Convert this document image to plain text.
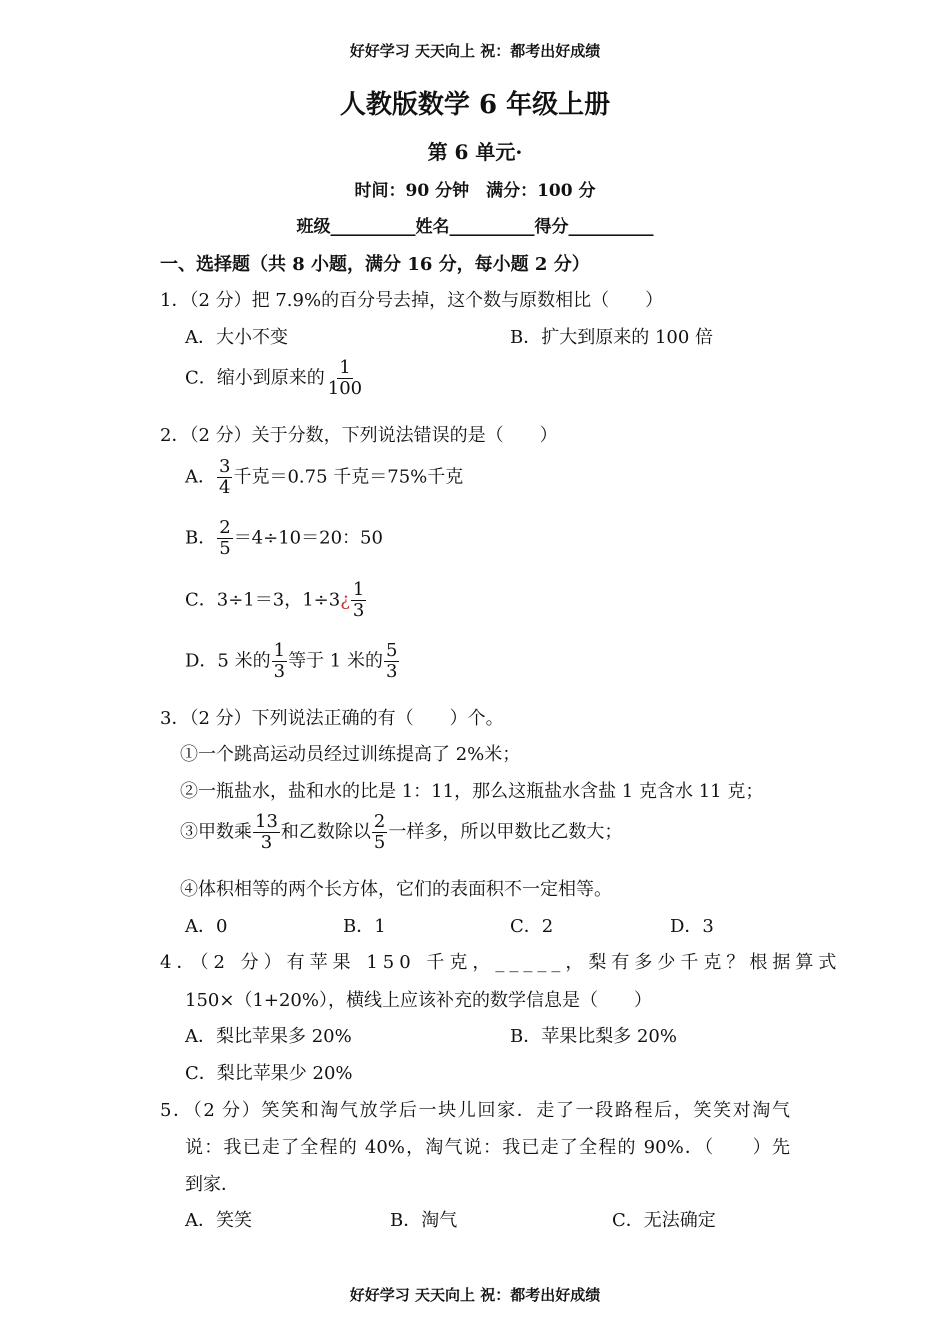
好好学习 天天向上 祝：都考出好成绩
人教版数学 6 年级上册
第 6 单元·
时间：90 分钟　满分：100 分
班级__________姓名__________得分__________
一、选择题（共 8 小题，满分 16 分，每小题 2 分）
1．（2 分）把 7.9%的百分号去掉，这个数与原数相比（　　）
A．大小不变	B．扩大到原来的 100 倍
C．缩小到原来的 $\frac{1}{100}$
2．（2 分）关于分数，下列说法错误的是（　　）
A． $\frac{3}{4}$ 千克＝0.75 千克＝75%千克
B． $\frac{2}{5} =4\div 10=20$：50
C．3÷1＝3，1÷3¿ $\frac{1}{3}$
D．5 米的 $\frac{1}{3}$ 等于 1 米的 $\frac{5}{3}$
3．（2 分）下列说法正确的有（　　）个。
①一个跳高运动员经过训练提高了 2%米；
②一瓶盐水，盐和水的比是 1：11，那么这瓶盐水含盐 1 克含水 11 克；
③甲数乘 $\frac{13}{3}$ 和乙数除以 $\frac{2}{5}$ 一样多，所以甲数比乙数大；
④体积相等的两个长方体，它们的表面积不一定相等。
A．0	B．1	C．2	D．3
4．（2 分）有苹果 150 千克，_____，梨有多少千克？根据算式
150×（1+20%），横线上应该补充的数学信息是（　　）
A．梨比苹果多 20%	B．苹果比梨多 20%
C．梨比苹果少 20%
5．（2 分）笑笑和淘气放学后一块儿回家．走了一段路程后，笑笑对淘气
说：我已走了全程的 40%，淘气说：我已走了全程的 90%．（　　）先
到家．
A．笑笑	B．淘气	C．无法确定
好好学习 天天向上 祝：都考出好成绩
